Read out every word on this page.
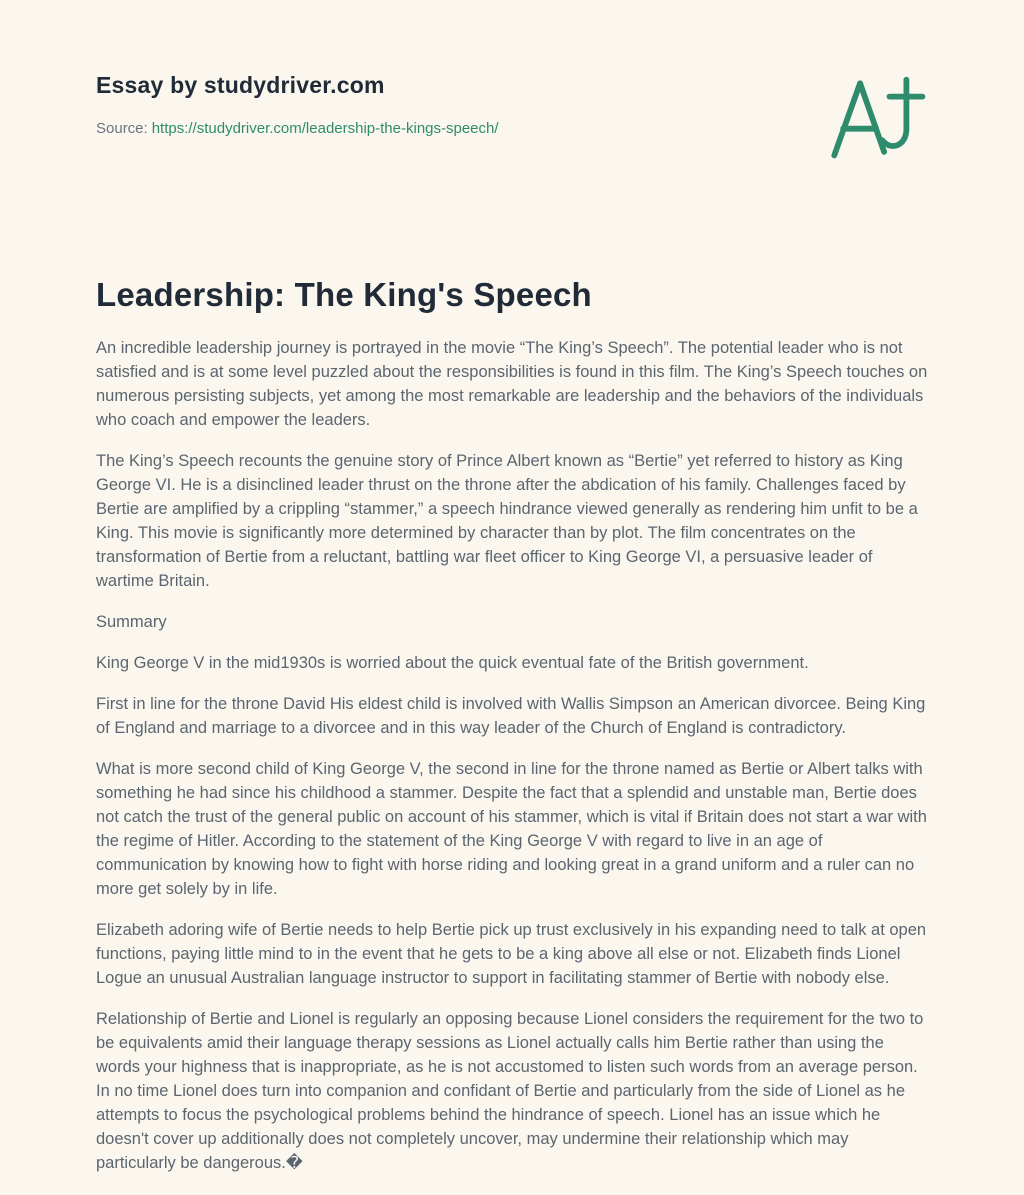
Essay by studydriver.com
Source: https://studydriver.com/leadership-the-kings-speech/
Leadership: The King's Speech

An incredible leadership journey is portrayed in the movie “The King’s Speech”. The potential leader who is not satisfied and is at some level puzzled about the responsibilities is found in this film. The King’s Speech touches on numerous persisting subjects, yet among the most remarkable are leadership and the behaviors of the individuals who coach and empower the leaders.

The King’s Speech recounts the genuine story of Prince Albert known as “Bertie” yet referred to history as King George VI. He is a disinclined leader thrust on the throne after the abdication of his family. Challenges faced by Bertie are amplified by a crippling “stammer,” a speech hindrance viewed generally as rendering him unfit to be a King. This movie is significantly more determined by character than by plot. The film concentrates on the transformation of Bertie from a reluctant, battling war fleet officer to King George VI, a persuasive leader of wartime Britain.

Summary

King George V in the mid1930s is worried about the quick eventual fate of the British government.

First in line for the throne David His eldest child is involved with Wallis Simpson an American divorcee. Being King of England and marriage to a divorcee and in this way leader of the Church of England is contradictory.

What is more second child of King George V, the second in line for the throne named as Bertie or Albert talks with something he had since his childhood a stammer. Despite the fact that a splendid and unstable man, Bertie does not catch the trust of the general public on account of his stammer, which is vital if Britain does not start a war with the regime of Hitler. According to the statement of the King George V with regard to live in an age of communication by knowing how to fight with horse riding and looking great in a grand uniform and a ruler can no more get solely by in life.

Elizabeth adoring wife of Bertie needs to help Bertie pick up trust exclusively in his expanding need to talk at open functions, paying little mind to in the event that he gets to be a king above all else or not. Elizabeth finds Lionel Logue an unusual Australian language instructor to support in facilitating stammer of Bertie with nobody else.

Relationship of Bertie and Lionel is regularly an opposing because Lionel considers the requirement for the two to be equivalents amid their language therapy sessions as Lionel actually calls him Bertie rather than using the words your highness that is inappropriate, as he is not accustomed to listen such words from an average person. In no time Lionel does turn into companion and confidant of Bertie and particularly from the side of Lionel as he attempts to focus the psychological problems behind the hindrance of speech. Lionel has an issue which he doesn't cover up additionally does not completely uncover, may undermine their relationship which may particularly be dangerous.�
